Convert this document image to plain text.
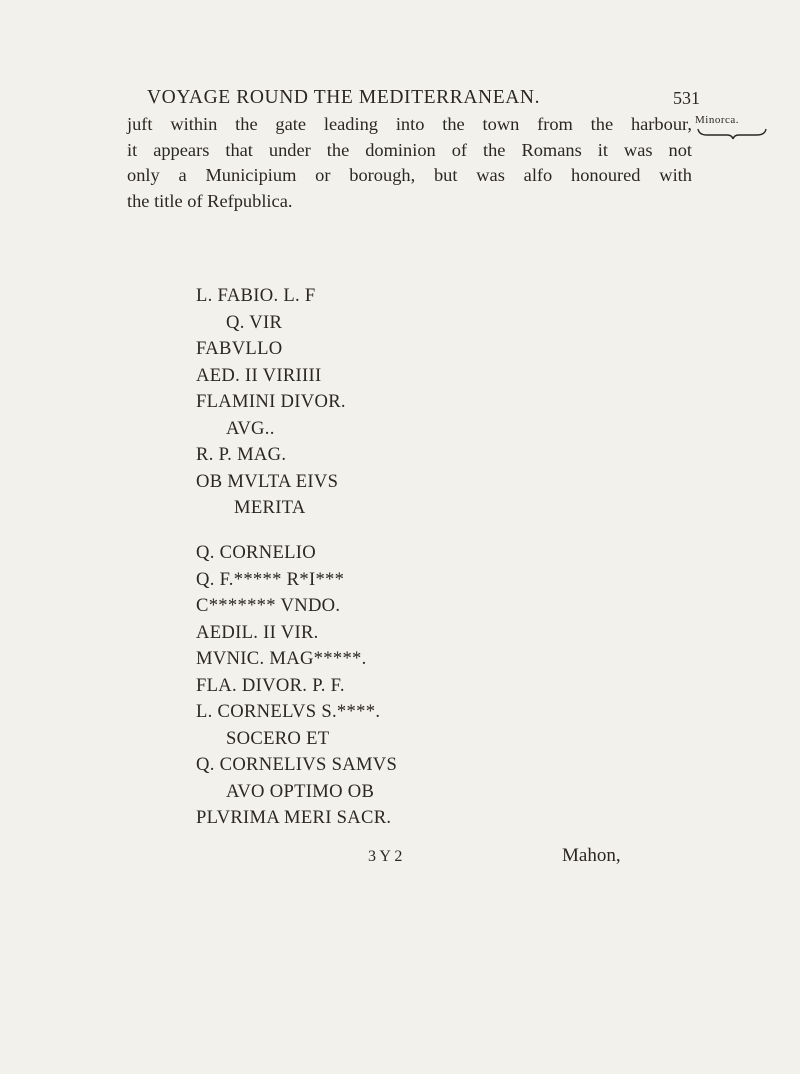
VOYAGE ROUND THE MEDITERRANEAN.	531
Minorca.
juft within the gate leading into the town from the harbour,
it appears that under the dominion of the Romans it was not
only a Municipium or borough, but was alfo honoured with
the title of Refpublica.
L. FABIO. L. F
Q. VIR
FABVLLO
AED. II VIRIIII
FLAMINI DIVOR.
AVG..
R. P. MAG.
OB MVLTA EIVS
MERITA
Q. CORNELIO
Q. F.***** R*I***
C******* VNDO.
AEDIL. II VIR.
MVNIC. MAG*****.
FLA. DIVOR. P. F.
L. CORNELVS S.****.
SOCERO ET
Q. CORNELIVS SAMVS
AVO OPTIMO OB
PLVRIMA MERI SACR.
3 Y 2	Mahon,
